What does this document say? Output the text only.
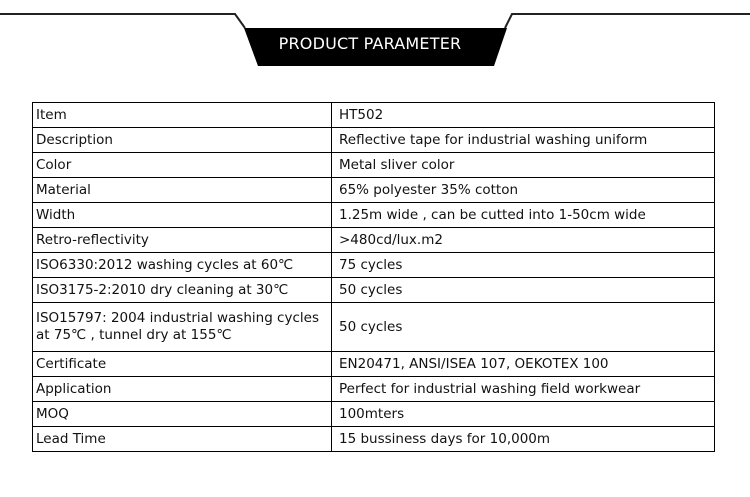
PRODUCT PARAMETER
Item	HT502
Description	Reflective tape for industrial washing uniform
Color	Metal sliver color
Material	65% polyester 35% cotton
Width	1.25m wide , can be cutted into 1-50cm wide
Retro-reflectivity	>480cd/lux.m2
ISO6330:2012 washing cycles at 60℃	75 cycles
ISO3175-2:2010 dry cleaning at 30℃	50 cycles
ISO15797: 2004 industrial washing cycles at 75℃ , tunnel dry at 155℃	50 cycles
Certificate	EN20471, ANSI/ISEA 107, OEKOTEX 100
Application	Perfect for industrial washing field workwear
MOQ	100mters
Lead Time	15 bussiness days for 10,000m
